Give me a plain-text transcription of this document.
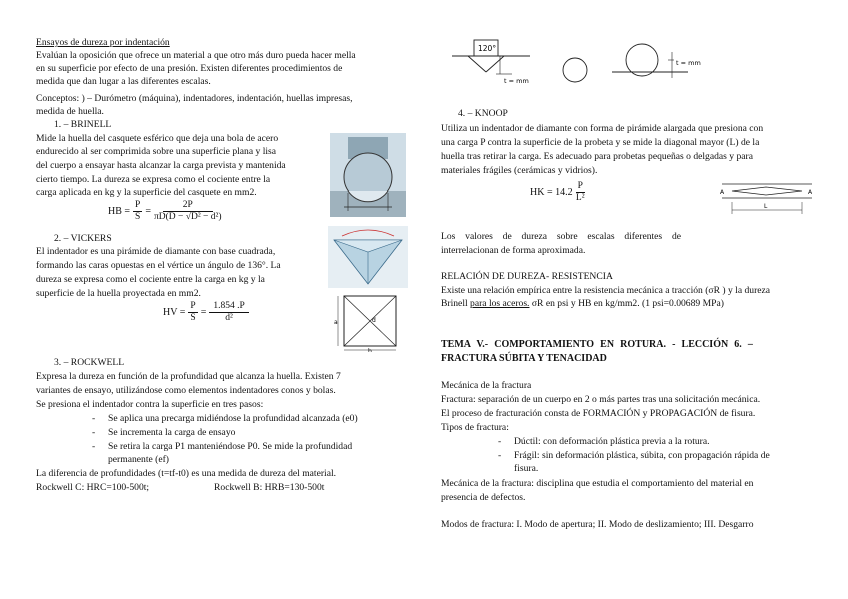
Ensayos de dureza por indentación
Evalúan la oposición que ofrece un material a que otro más duro pueda hacer mella
en su superficie por efecto de una presión. Existen diferentes procedimientos de
medida que dan lugar a las diferentes escalas.
Conceptos: ) – Durómetro (máquina), indentadores, indentación, huellas impresas,
medida de huella.
1. – BRINELL
Mide la huella del casquete esférico que deja una bola de acero
endurecido al ser comprimida sobre una superficie plana y lisa
del cuerpo a ensayar hasta alcanzar la carga prevista y mantenida
cierto tiempo. La dureza se expresa como el cociente entre la
carga aplicada en kg y la superficie del casquete en mm2.
HB = $\frac{P}{S} = \frac{2P}{\text{πD(D − √D² − d²)}}$
2. – VICKERS
El indentador es una pirámide de diamante con base cuadrada,
formando las caras opuestas en el vértice un ángulo de 136°. La
dureza se expresa como el cociente entre la carga en kg y la
superficie de la huella proyectada en mm2.
HV = $\frac{P}{S} = \frac{1.854 .P}{\text{d²}}$	a	d
b
3. – ROCKWELL
Expresa la dureza en función de la profundidad que alcanza la huella. Existen 7
variantes de ensayo, utilizándose como elementos indentadores conos y bolas.
Se presiona el indentador contra la superficie en tres pasos:
- Se aplica una precarga midiéndose la profundidad alcanzada (e0)
- Se incrementa la carga de ensayo
- Se retira la carga P1 manteniéndose P0. Se mide la profundidad
permanente (ef)
La diferencia de profundidades (t=tf-t0) es una medida de dureza del material.
Rockwell C: HRC=100-500t;	Rockwell B: HRB=130-500t
120°
t = mm
t = mm
4. – KNOOP
Utiliza un indentador de diamante con forma de pirámide alargada que presiona con
una carga P contra la superficie de la probeta y se mide la diagonal mayor (L) de la
huella tras retirar la carga. Es adecuado para probetas pequeñas o delgadas y para
materiales frágiles (cerámicas y vidrios).
HK = $14.2 \frac{P}{\text{L²}}$	A	A
L
Los valores de dureza sobre escalas diferentes de
interrelacionan de forma aproximada.
RELACIÓN DE DUREZA- RESISTENCIA
Existe una relación empírica entre la resistencia mecánica a tracción (σR ) y la dureza
Brinell para los aceros. σR en psi y HB en kg/mm2. (1 psi=0.00689 MPa)
TEMA V.- COMPORTAMIENTO EN ROTURA. - LECCIÓN 6. –
FRACTURA SÚBITA Y TENACIDAD
Mecánica de la fractura
Fractura: separación de un cuerpo en 2 o más partes tras una solicitación mecánica.
El proceso de fracturación consta de FORMACIÓN y PROPAGACIÓN de fisura.
Tipos de fractura:
- Dúctil: con deformación plástica previa a la rotura.
- Frágil: sin deformación plástica, súbita, con propagación rápida de
fisura.
Mecánica de la fractura: disciplina que estudia el comportamiento del material en
presencia de defectos.
Modos de fractura: I. Modo de apertura; II. Modo de deslizamiento; III. Desgarro
